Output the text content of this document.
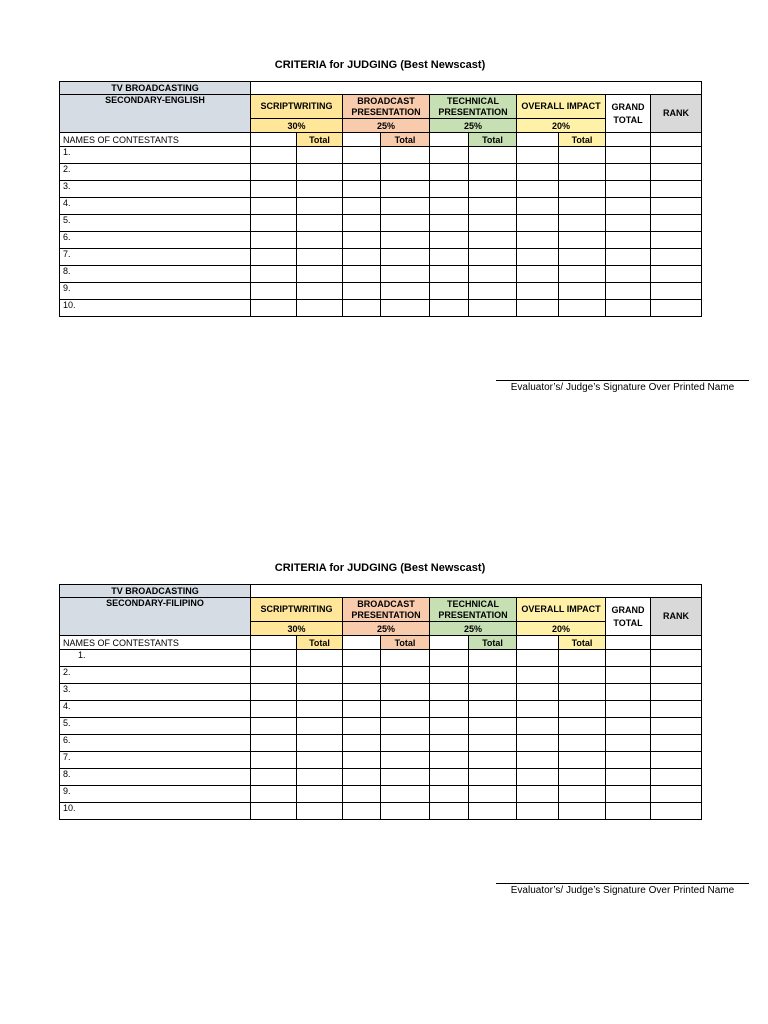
CRITERIA for JUDGING (Best Newscast)
TV BROADCASTING										
SECONDARY-ENGLISH	SCRIPTWRITING		BROADCAST PRESENTATION		TECHNICAL PRESENTATION		OVERALL IMPACT		GRAND TOTAL	RANK
	30%		25%		25%		20%			
NAMES OF CONTESTANTS		Total		Total		Total		Total		
1.										
2.										
3.										
4.										
5.										
6.										
7.										
8.										
9.										
10.										
Evaluator’s/ Judge’s Signature Over Printed Name
CRITERIA for JUDGING (Best Newscast)
TV BROADCASTING										
SECONDARY-FILIPINO	SCRIPTWRITING		BROADCAST PRESENTATION		TECHNICAL PRESENTATION		OVERALL IMPACT		GRAND TOTAL	RANK
	30%		25%		25%		20%			
NAMES OF CONTESTANTS		Total		Total		Total		Total		
1.										
2.										
3.										
4.										
5.										
6.										
7.										
8.										
9.										
10.										
Evaluator’s/ Judge’s Signature Over Printed Name
